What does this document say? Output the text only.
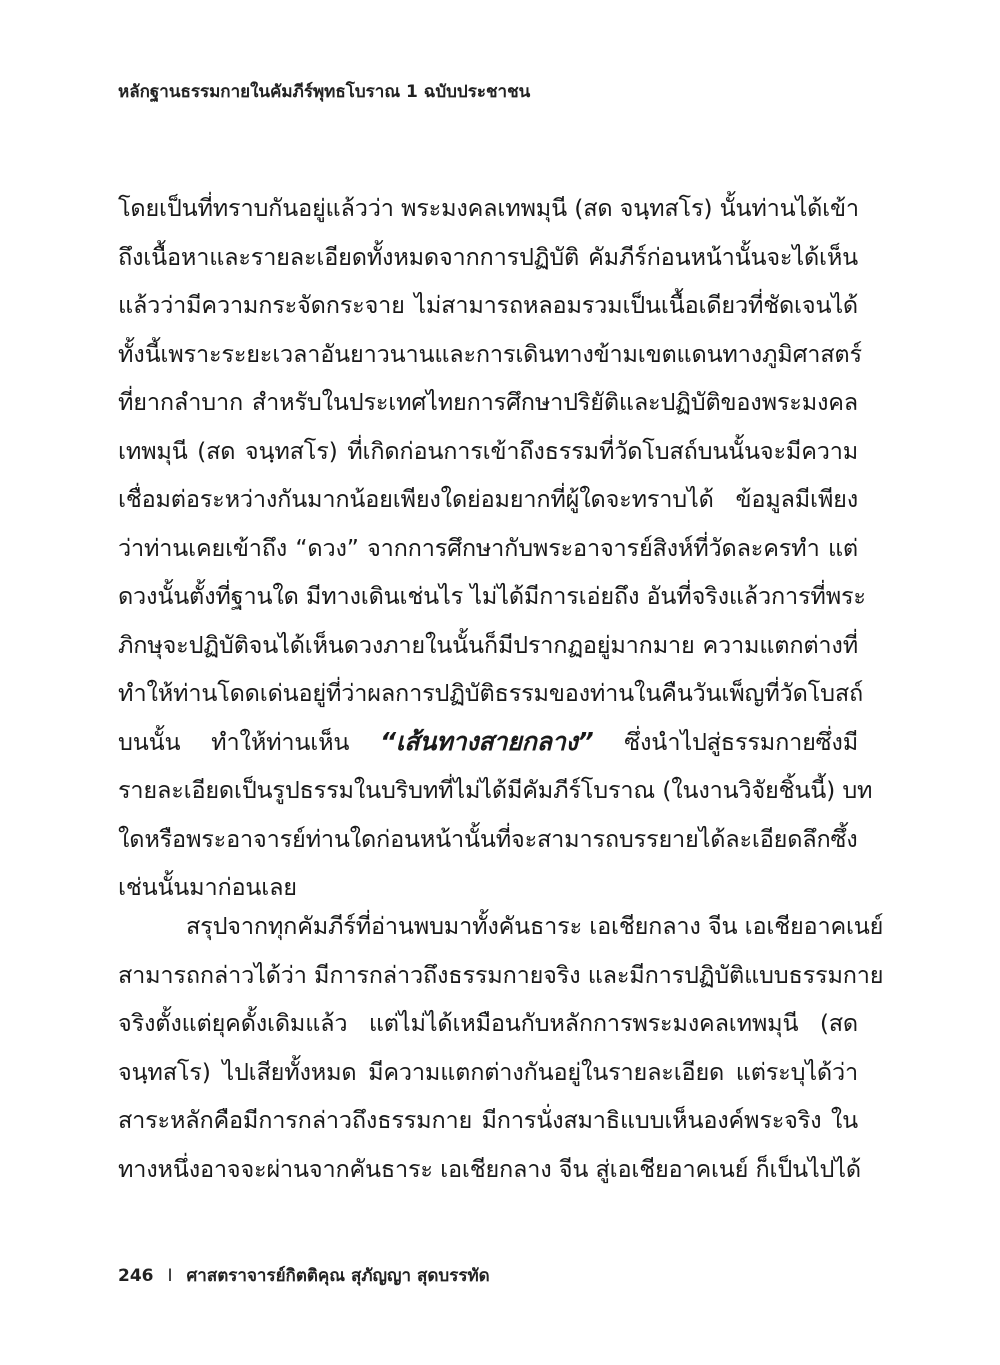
หลักฐานธรรมกายในคัมภีร์พุทธโบราณ 1 ฉบับประชาชน
โดยเป็นที่ทราบกันอยู่แล้วว่า พระมงคลเทพมุนี (สด จนฺทสโร) นั้นท่านได้เข้า
ถึงเนื้อหาและรายละเอียดทั้งหมดจากการปฏิบัติ คัมภีร์ก่อนหน้านั้นจะได้เห็น
แล้วว่ามีความกระจัดกระจาย ไม่สามารถหลอมรวมเป็นเนื้อเดียวที่ชัดเจนได้
ทั้งนี้เพราะระยะเวลาอันยาวนานและการเดินทางข้ามเขตแดนทางภูมิศาสตร์
ที่ยากลำบาก สำหรับในประเทศไทยการศึกษาปริยัติและปฏิบัติของพระมงคล
เทพมุนี (สด จนฺทสโร) ที่เกิดก่อนการเข้าถึงธรรมที่วัดโบสถ์บนนั้นจะมีความ
เชื่อมต่อระหว่างกันมากน้อยเพียงใดย่อมยากที่ผู้ใดจะทราบได้ ข้อมูลมีเพียง
ว่าท่านเคยเข้าถึง “ดวง” จากการศึกษากับพระอาจารย์สิงห์ที่วัดละครทำ แต่
ดวงนั้นตั้งที่ฐานใด มีทางเดินเช่นไร ไม่ได้มีการเอ่ยถึง อันที่จริงแล้วการที่พระ
ภิกษุจะปฏิบัติจนได้เห็นดวงภายในนั้นก็มีปรากฏอยู่มากมาย ความแตกต่างที่
ทำให้ท่านโดดเด่นอยู่ที่ว่าผลการปฏิบัติธรรมของท่านในคืนวันเพ็ญที่วัดโบสถ์
บนนั้น ทำให้ท่านเห็น “เส้นทางสายกลาง” ซึ่งนำไปสู่ธรรมกายซึ่งมี
รายละเอียดเป็นรูปธรรมในบริบทที่ไม่ได้มีคัมภีร์โบราณ (ในงานวิจัยชิ้นนี้) บท
ใดหรือพระอาจารย์ท่านใดก่อนหน้านั้นที่จะสามารถบรรยายได้ละเอียดลึกซึ้ง
เช่นนั้นมาก่อนเลย
สรุปจากทุกคัมภีร์ที่อ่านพบมาทั้งคันธาระ เอเชียกลาง จีน เอเชียอาคเนย์
สามารถกล่าวได้ว่า มีการกล่าวถึงธรรมกายจริง และมีการปฏิบัติแบบธรรมกาย
จริงตั้งแต่ยุคดั้งเดิมแล้ว แต่ไม่ได้เหมือนกับหลักการพระมงคลเทพมุนี (สด
จนฺทสโร) ไปเสียทั้งหมด มีความแตกต่างกันอยู่ในรายละเอียด แต่ระบุได้ว่า
สาระหลักคือมีการกล่าวถึงธรรมกาย มีการนั่งสมาธิแบบเห็นองค์พระจริง ใน
ทางหนึ่งอาจจะผ่านจากคันธาระ เอเชียกลาง จีน สู่เอเชียอาคเนย์ ก็เป็นไปได้
246 I ศาสตราจารย์กิตติคุณ สุภัญญา สุดบรรทัด
